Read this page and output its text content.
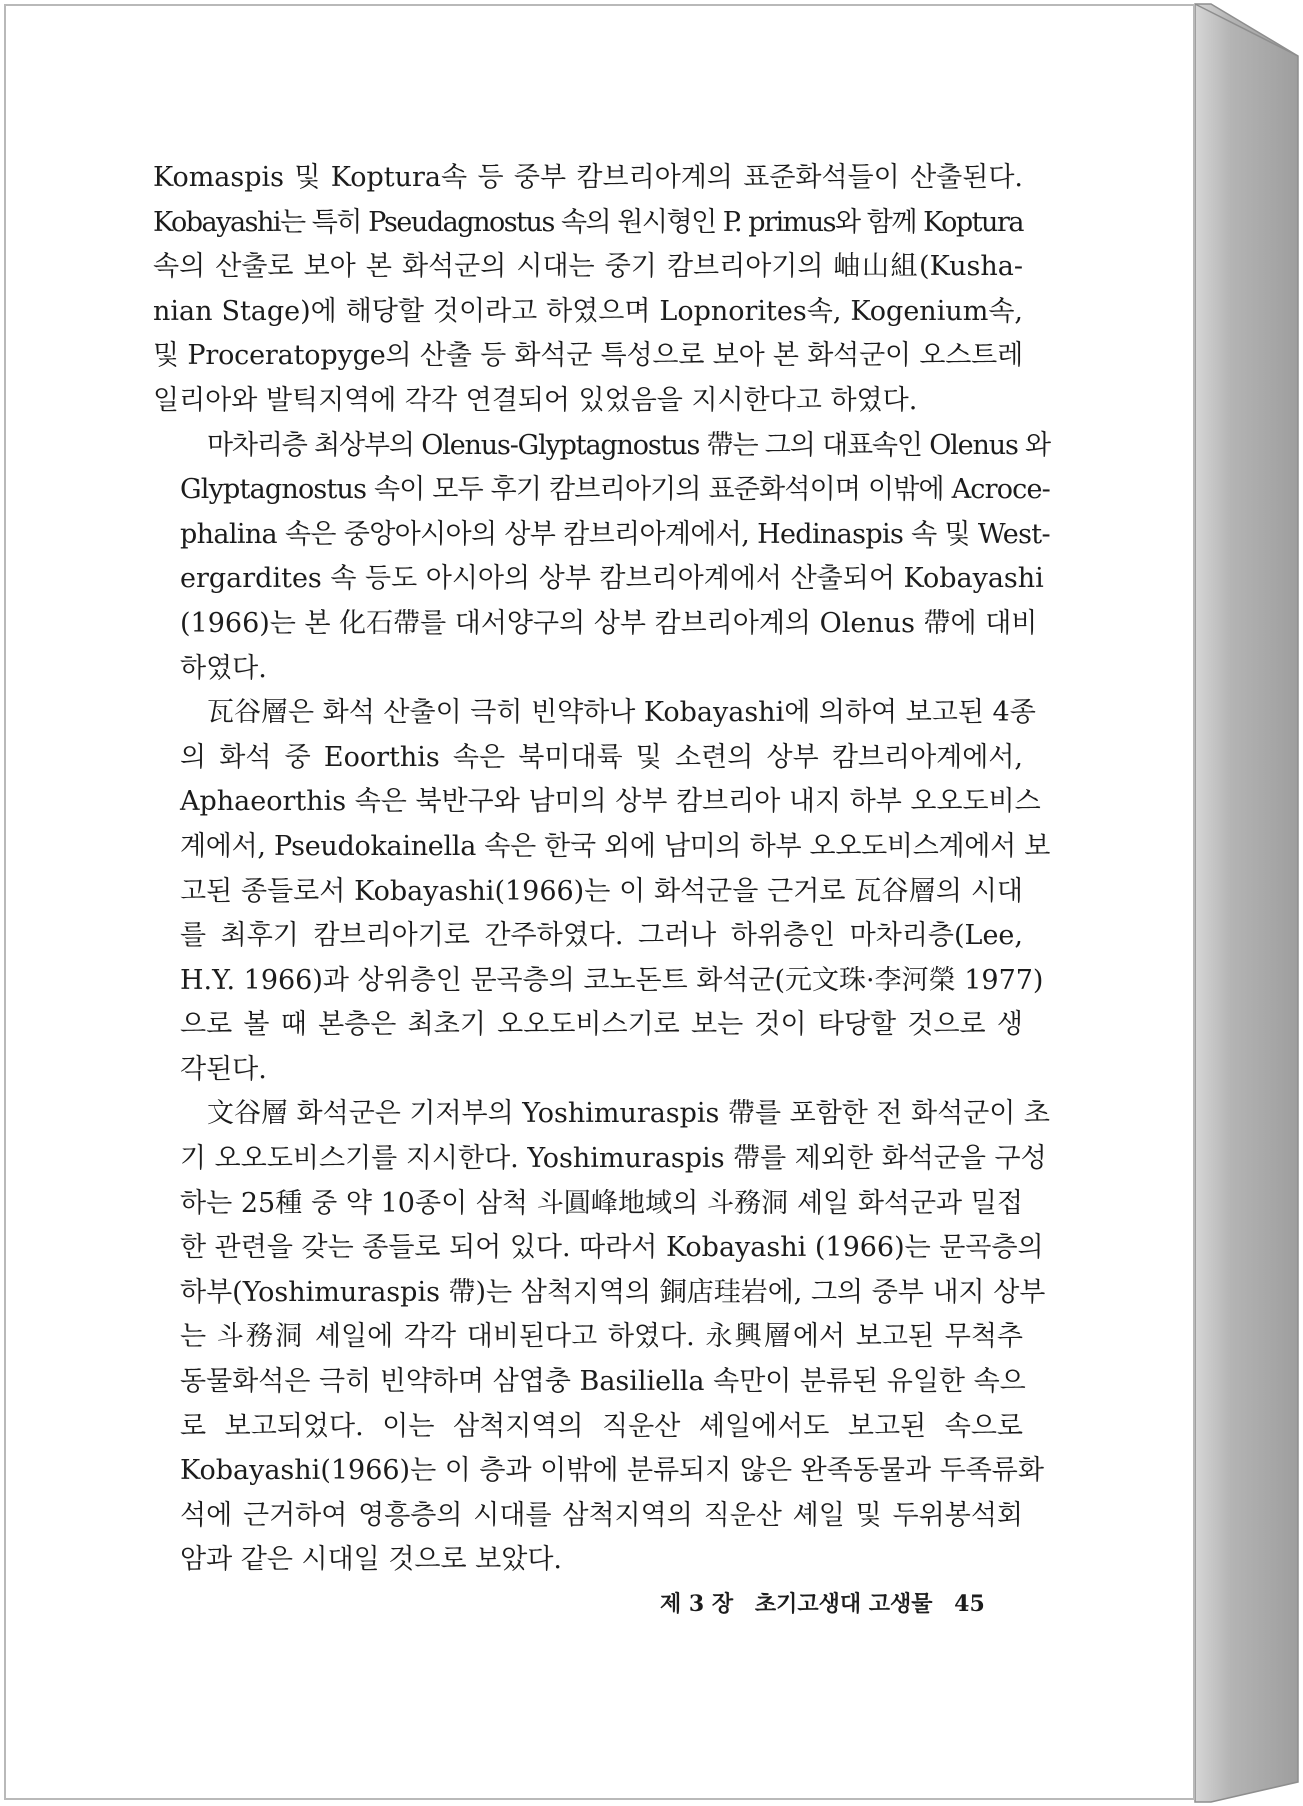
Komaspis 및 Koptura속 등 중부 캄브리아계의 표준화석들이 산출된다.
Kobayashi는 특히 Pseudagnostus 속의 원시형인 P. primus와 함께 Koptura
속의 산출로 보아 본 화석군의 시대는 중기 캄브리아기의 岫山組(Kusha-
nian Stage)에 해당할 것이라고 하였으며 Lopnorites속, Kogenium속,
및 Proceratopyge의 산출 등 화석군 특성으로 보아 본 화석군이 오스트레
일리아와 발틱지역에 각각 연결되어 있었음을 지시한다고 하였다.
마차리층 최상부의 Olenus-Glyptagnostus 帶는 그의 대표속인 Olenus 와
Glyptagnostus 속이 모두 후기 캄브리아기의 표준화석이며 이밖에 Acroce-
phalina 속은 중앙아시아의 상부 캄브리아계에서, Hedinaspis 속 및 West-
ergardites 속 등도 아시아의 상부 캄브리아계에서 산출되어 Kobayashi
(1966)는 본 化石帶를 대서양구의 상부 캄브리아계의 Olenus 帶에 대비
하였다.
瓦谷層은 화석 산출이 극히 빈약하나 Kobayashi에 의하여 보고된 4종
의 화석 중 Eoorthis 속은 북미대륙 및 소련의 상부 캄브리아계에서,
Aphaeorthis 속은 북반구와 남미의 상부 캄브리아 내지 하부 오오도비스
계에서, Pseudokainella 속은 한국 외에 남미의 하부 오오도비스계에서 보
고된 종들로서 Kobayashi(1966)는 이 화석군을 근거로 瓦谷層의 시대
를 최후기 캄브리아기로 간주하였다. 그러나 하위층인 마차리층(Lee,
H.Y. 1966)과 상위층인 문곡층의 코노돈트 화석군(元文珠·李河榮 1977)
으로 볼 때 본층은 최초기 오오도비스기로 보는 것이 타당할 것으로 생
각된다.
文谷層 화석군은 기저부의 Yoshimuraspis 帶를 포함한 전 화석군이 초
기 오오도비스기를 지시한다. Yoshimuraspis 帶를 제외한 화석군을 구성
하는 25種 중 약 10종이 삼척 斗圓峰地域의 斗務洞 셰일 화석군과 밀접
한 관련을 갖는 종들로 되어 있다. 따라서 Kobayashi (1966)는 문곡층의
하부(Yoshimuraspis 帶)는 삼척지역의 銅店珪岩에, 그의 중부 내지 상부
는 斗務洞 셰일에 각각 대비된다고 하였다. 永興層에서 보고된 무척추
동물화석은 극히 빈약하며 삼엽충 Basiliella 속만이 분류된 유일한 속으
로 보고되었다. 이는 삼척지역의 직운산 셰일에서도 보고된 속으로
Kobayashi(1966)는 이 층과 이밖에 분류되지 않은 완족동물과 두족류화
석에 근거하여 영흥층의 시대를 삼척지역의 직운산 셰일 및 두위봉석회
암과 같은 시대일 것으로 보았다.
제 3 장 초기고생대 고생물 45
